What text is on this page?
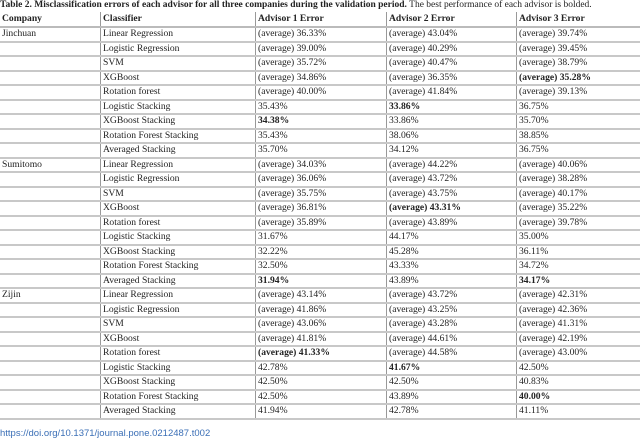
Table 2. Misclassification errors of each advisor for all three companies during the validation period. The best performance of each advisor is bolded.
Company	Classifier	Advisor 1 Error	Advisor 2 Error	Advisor 3 Error
Jinchuan	Linear Regression	(average) 36.33%	(average) 43.04%	(average) 39.74%
	Logistic Regression	(average) 39.00%	(average) 40.29%	(average) 39.45%
	SVM	(average) 35.72%	(average) 40.47%	(average) 38.79%
	XGBoost	(average) 34.86%	(average) 36.35%	(average) 35.28%
	Rotation forest	(average) 40.00%	(average) 41.84%	(average) 39.13%
	Logistic Stacking	35.43%	33.86%	36.75%
	XGBoost Stacking	34.38%	33.86%	35.70%
	Rotation Forest Stacking	35.43%	38.06%	38.85%
	Averaged Stacking	35.70%	34.12%	36.75%
Sumitomo	Linear Regression	(average) 34.03%	(average) 44.22%	(average) 40.06%
	Logistic Regression	(average) 36.06%	(average) 43.72%	(average) 38.28%
	SVM	(average) 35.75%	(average) 43.75%	(average) 40.17%
	XGBoost	(average) 36.81%	(average) 43.31%	(average) 35.22%
	Rotation forest	(average) 35.89%	(average) 43.89%	(average) 39.78%
	Logistic Stacking	31.67%	44.17%	35.00%
	XGBoost Stacking	32.22%	45.28%	36.11%
	Rotation Forest Stacking	32.50%	43.33%	34.72%
	Averaged Stacking	31.94%	43.89%	34.17%
Zijin	Linear Regression	(average) 43.14%	(average) 43.72%	(average) 42.31%
	Logistic Regression	(average) 41.86%	(average) 43.25%	(average) 42.36%
	SVM	(average) 43.06%	(average) 43.28%	(average) 41.31%
	XGBoost	(average) 41.81%	(average) 44.61%	(average) 42.19%
	Rotation forest	(average) 41.33%	(average) 44.58%	(average) 43.00%
	Logistic Stacking	42.78%	41.67%	42.50%
	XGBoost Stacking	42.50%	42.50%	40.83%
	Rotation Forest Stacking	42.50%	43.89%	40.00%
	Averaged Stacking	41.94%	42.78%	41.11%
https://doi.org/10.1371/journal.pone.0212487.t002
